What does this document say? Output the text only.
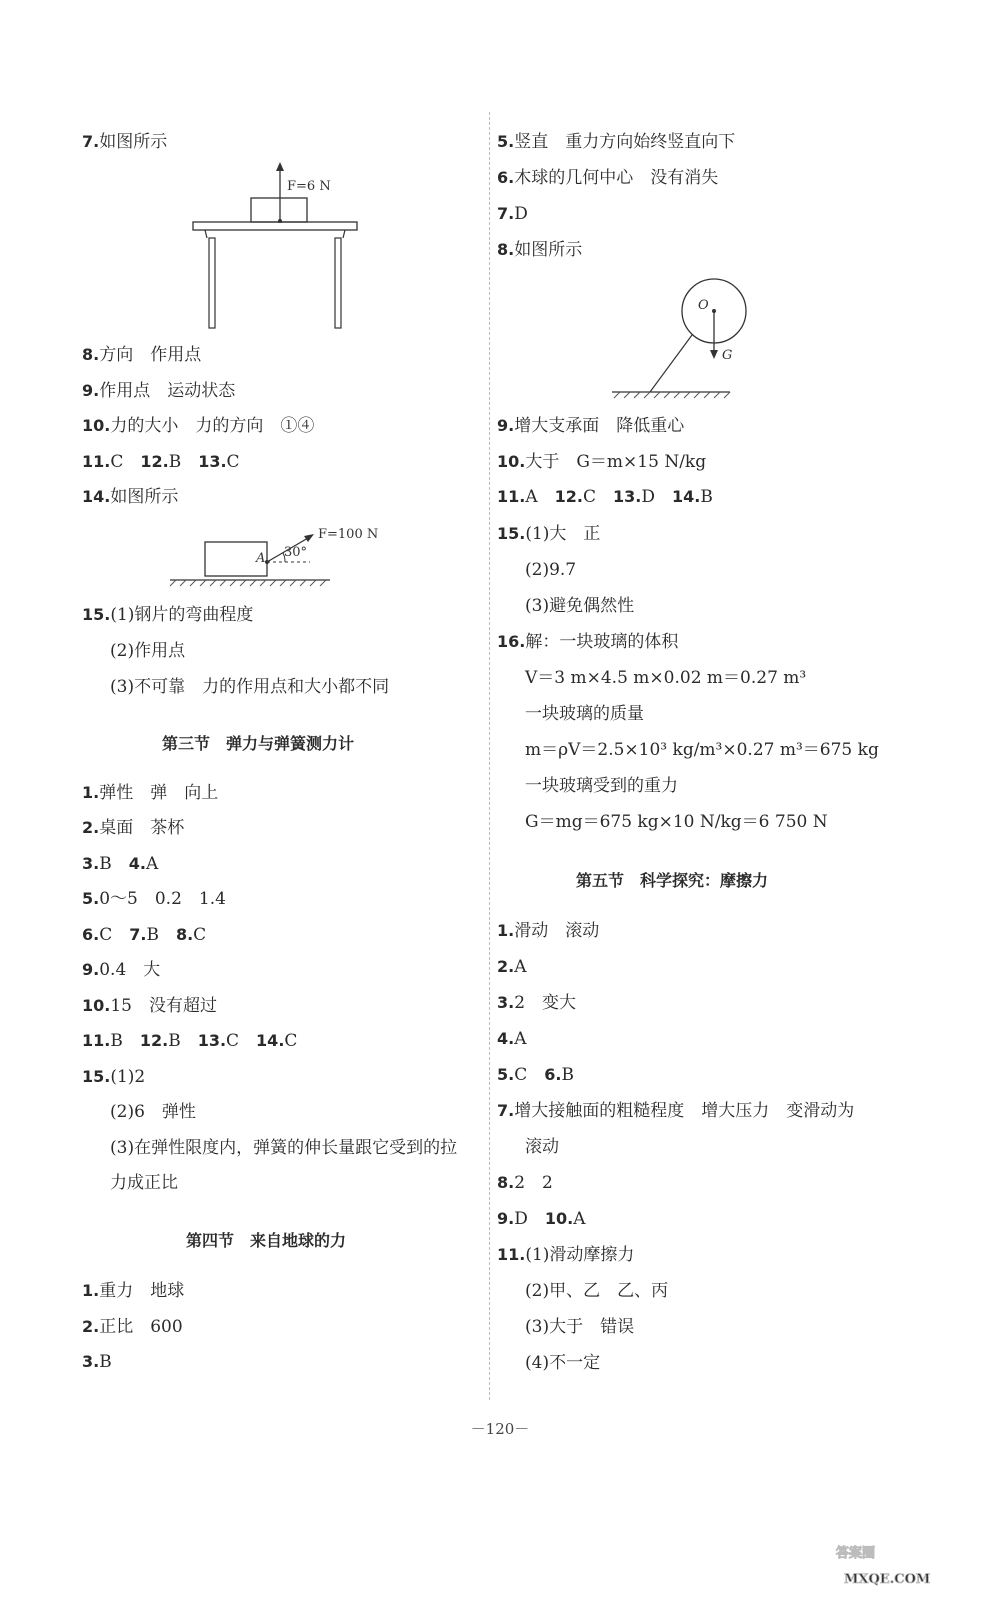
7.如图所示
8.方向　作用点
9.作用点　运动状态
10.力的大小　力的方向　①④
11.C　12.B　13.C
14.如图所示
15.(1)钢片的弯曲程度
(2)作用点
(3)不可靠　力的作用点和大小都不同
1.弹性　弹　向上
2.桌面　茶杯
3.B　4.A
5.0～5　0.2　1.4
6.C　7.B　8.C
9.0.4　大
10.15　没有超过
11.B　12.B　13.C　14.C
15.(1)2
(2)6　弹性
(3)在弹性限度内，弹簧的伸长量跟它受到的拉
力成正比
1.重力　地球
2.正比　600
3.B　
第三节　弹力与弹簧测力计
第四节　来自地球的力
第五节　科学探究：摩擦力
5.竖直　重力方向始终竖直向下
6.木球的几何中心　没有消失
7.D
8.如图所示
9.增大支承面　降低重心
10.大于　G＝m×15 N/kg
11.A　12.C　13.D　14.B
15.(1)大　正
(2)9.7
(3)避免偶然性
16.解：一块玻璃的体积
V＝3 m×4.5 m×0.02 m＝0.27 m³
一块玻璃的质量
m＝ρV＝2.5×10³ kg/m³×0.27 m³＝675 kg
一块玻璃受到的重力
G＝mg＝675 kg×10 N/kg＝6 750 N
1.滑动　滚动
2.A
3.2　变大
4.A
5.C　6.B
7.增大接触面的粗糙程度　增大压力　变滑动为
滚动
8.2　2
9.D　10.A
11.(1)滑动摩擦力
(2)甲、乙　乙、丙
(3)大于　错误
(4)不一定
F=6 N
A 30°
F=100 N
O
G
－120－
答案圈
MXQE.COM
